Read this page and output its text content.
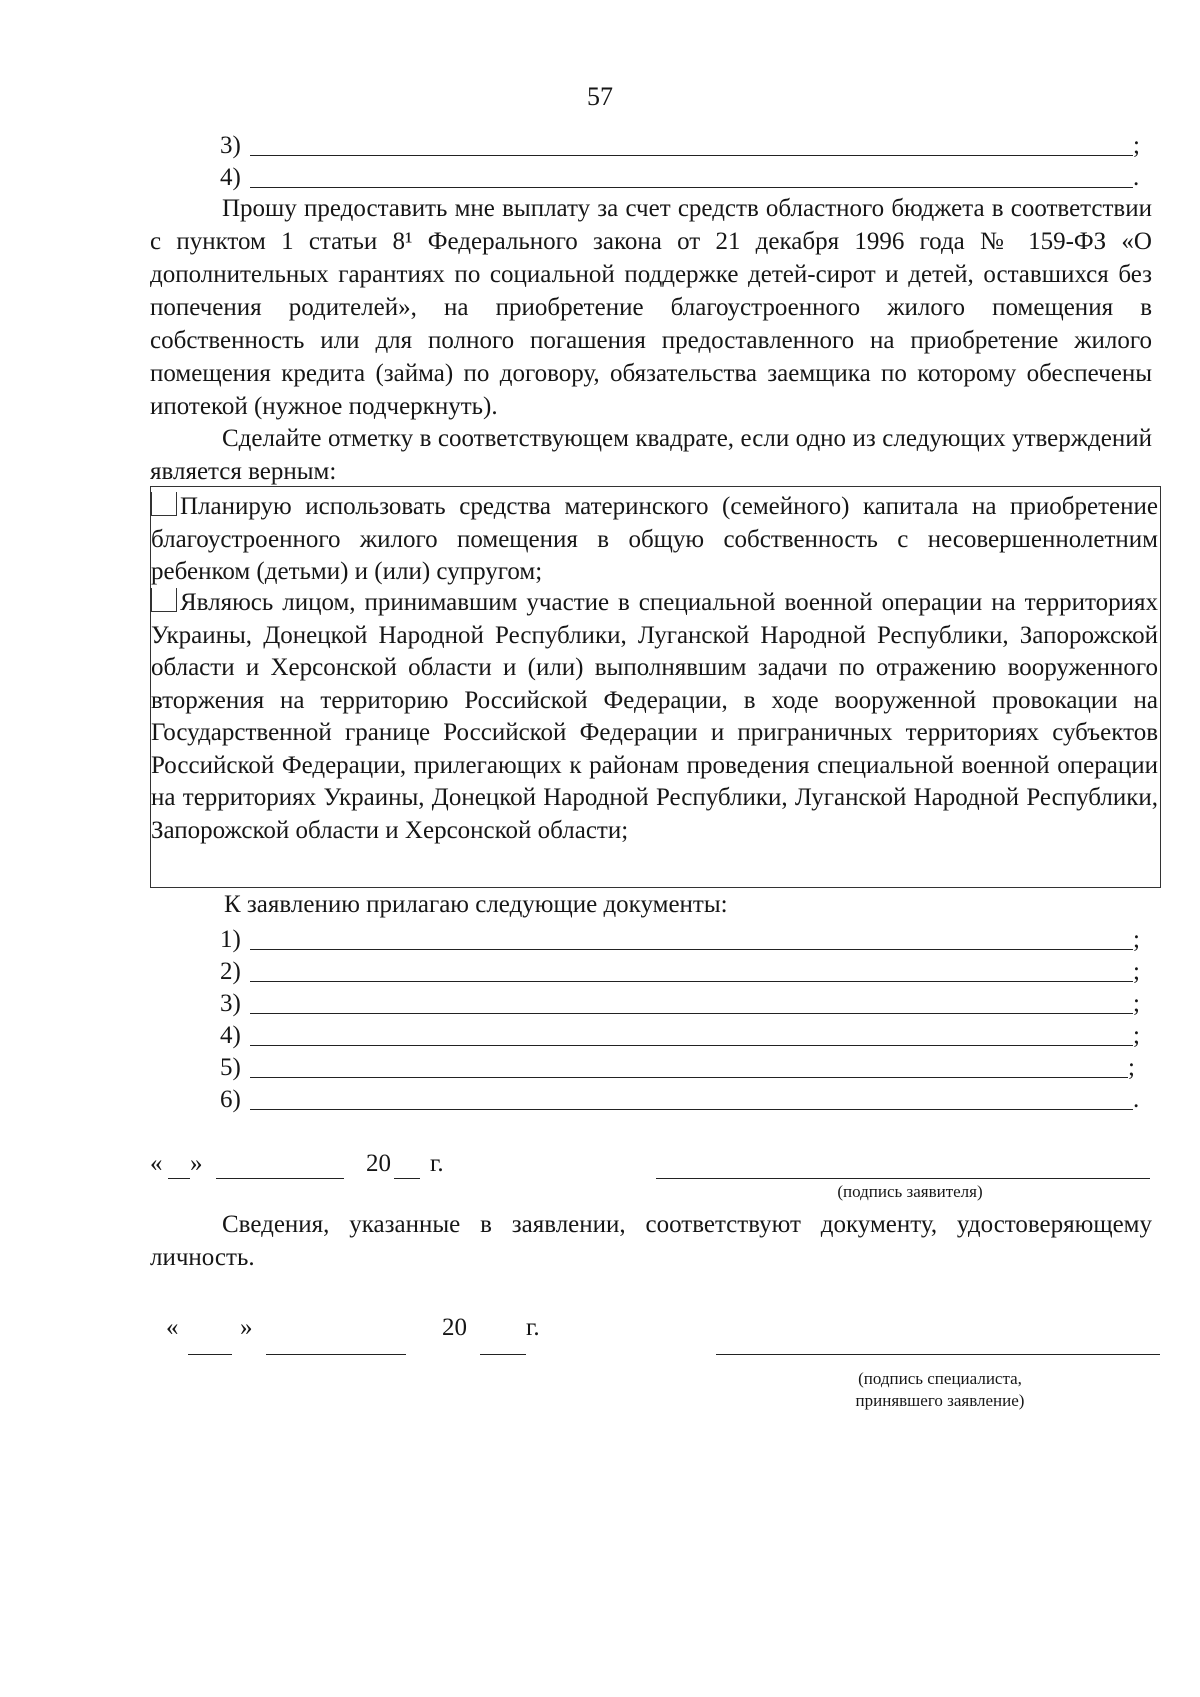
57
3)	;
4)	.

Прошу предоставить мне выплату за счет средств областного бюджета в соответствии с пунктом 1 статьи 8¹ Федерального закона от 21 декабря 1996 года № 159-ФЗ «О дополнительных гарантиях по социальной поддержке детей-сирот и детей, оставшихся без попечения родителей», на приобретение благоустроенного жилого помещения в собственность или для полного погашения предоставленного на приобретение жилого помещения кредита (займа) по договору, обязательства заемщика по которому обеспечены ипотекой (нужное подчеркнуть).

Сделайте отметку в соответствующем квадрате, если одно из следующих утверждений является верным:

Планирую использовать средства материнского (семейного) капитала на приобретение благоустроенного жилого помещения в общую собственность с несовершеннолетним ребенком (детьми) и (или) супругом;

Являюсь лицом, принимавшим участие в специальной военной операции на территориях Украины, Донецкой Народной Республики, Луганской Народной Республики, Запорожской области и Херсонской области и (или) выполнявшим задачи по отражению вооруженного вторжения на территорию Российской Федерации, в ходе вооруженной провокации на Государственной границе Российской Федерации и приграничных территориях субъектов Российской Федерации, прилегающих к районам проведения специальной военной операции на территориях Украины, Донецкой Народной Республики, Луганской Народной Республики, Запорожской области и Херсонской области;

К заявлению прилагаю следующие документы:
1)	;
2)	;
3)	;
4)	;
5)	;
6)	.
« »	20 г.
(подпись заявителя)

Сведения, указанные в заявлении, соответствуют документу, удостоверяющему личность.

« »	20 г.
(подпись специалиста,
принявшего заявление)
